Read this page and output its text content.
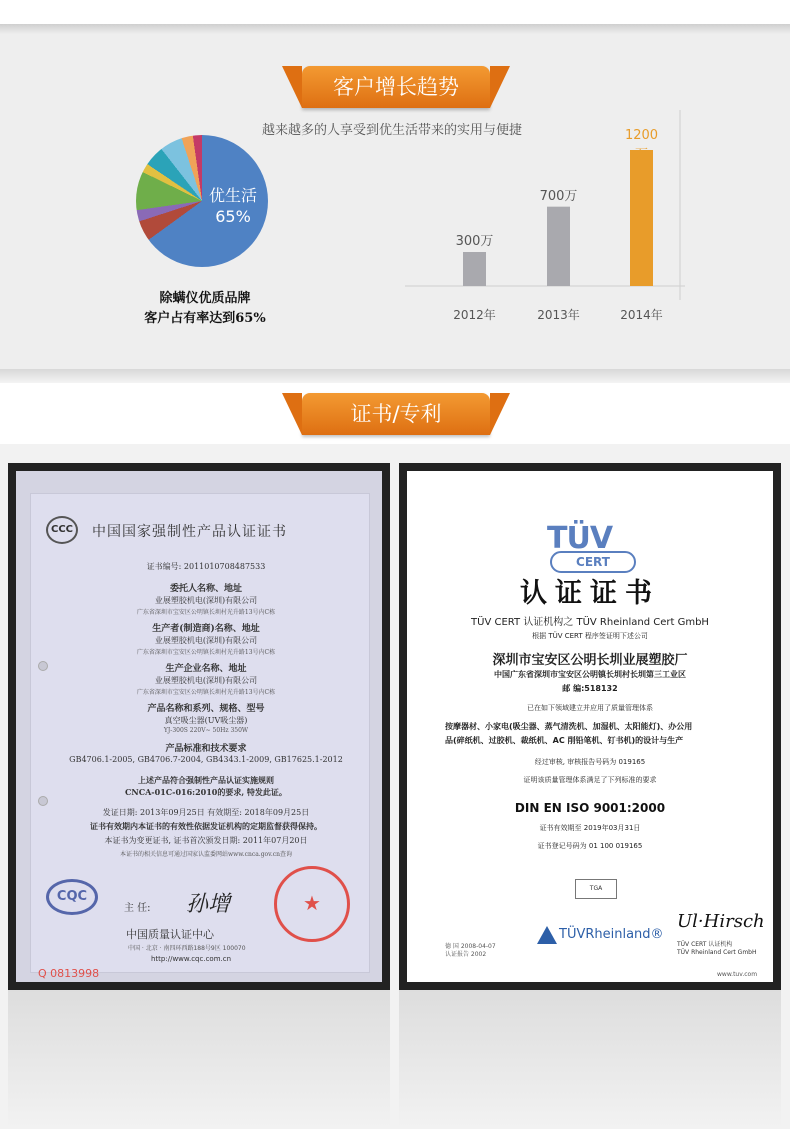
客户增长趋势
越来越多的人享受到优生活带来的实用与便捷
优生活
65%
除螨仪优质品牌
客户占有率达到65%
300万
2012年
700万
2013年
1200万
2014年
证书/专利
CCC	中国国家强制性产品认证证书
证书编号: 2011010708487533
委托人名称、地址
业展塑胶机电(深圳)有限公司
广东省深圳市宝安区公明镇长圳村光升路13号内C栋
生产者(制造商)名称、地址
业展塑胶机电(深圳)有限公司
广东省深圳市宝安区公明镇长圳村光升路13号内C栋
生产企业名称、地址
业展塑胶机电(深圳)有限公司
广东省深圳市宝安区公明镇长圳村光升路13号内C栋
产品名称和系列、规格、型号
真空吸尘器(UV吸尘器)
YJ-300S 220V~ 50Hz 350W
产品标准和技术要求
GB4706.1-2005, GB4706.7-2004, GB4343.1-2009, GB17625.1-2012
上述产品符合强制性产品认证实施规则
CNCA-01C-016:2010的要求, 特发此证。
发证日期: 2013年09月25日 有效期至: 2018年09月25日
证书有效期内本证书的有效性依据发证机构的定期监督获得保持。
本证书为变更证书, 证书首次颁发日期: 2011年07月20日
本证书的相关信息可通过国家认监委网站www.cnca.gov.cn查询
CQC
主 任: 孙增
★
中国质量认证中心
中国 · 北京 · 南四环西路188号9区 100070
http://www.cqc.com.cn
Q 0813998
TÜV
CERT
认证证书
TÜV CERT 认证机构之 TÜV Rheinland Cert GmbH
根据 TÜV CERT 程序签证明下述公司
深圳市宝安区公明长圳业展塑胶厂
中国广东省深圳市宝安区公明镇长圳村长圳第三工业区
邮 编:518132
已在如下领域建立并应用了质量管理体系
按摩器材、小家电(吸尘器、蒸气清洗机、加湿机、太阳能灯)、办公用
品(碎纸机、过胶机、裁纸机、AC 削铅笔机、钉书机)的设计与生产
经过审核, 审核报告号码为 019165
证明该质量管理体系满足了下列标准的要求
DIN EN ISO 9001:2000
证书有效期至 2019年03月31日
证书登记号码为 01 100 019165
TGA
TÜVRheinland®
Ul·Hirsch
TÜV CERT 认证机构
TÜV Rheinland Cert GmbH
德 国 2008-04-07
认证报告 2002
www.tuv.com
